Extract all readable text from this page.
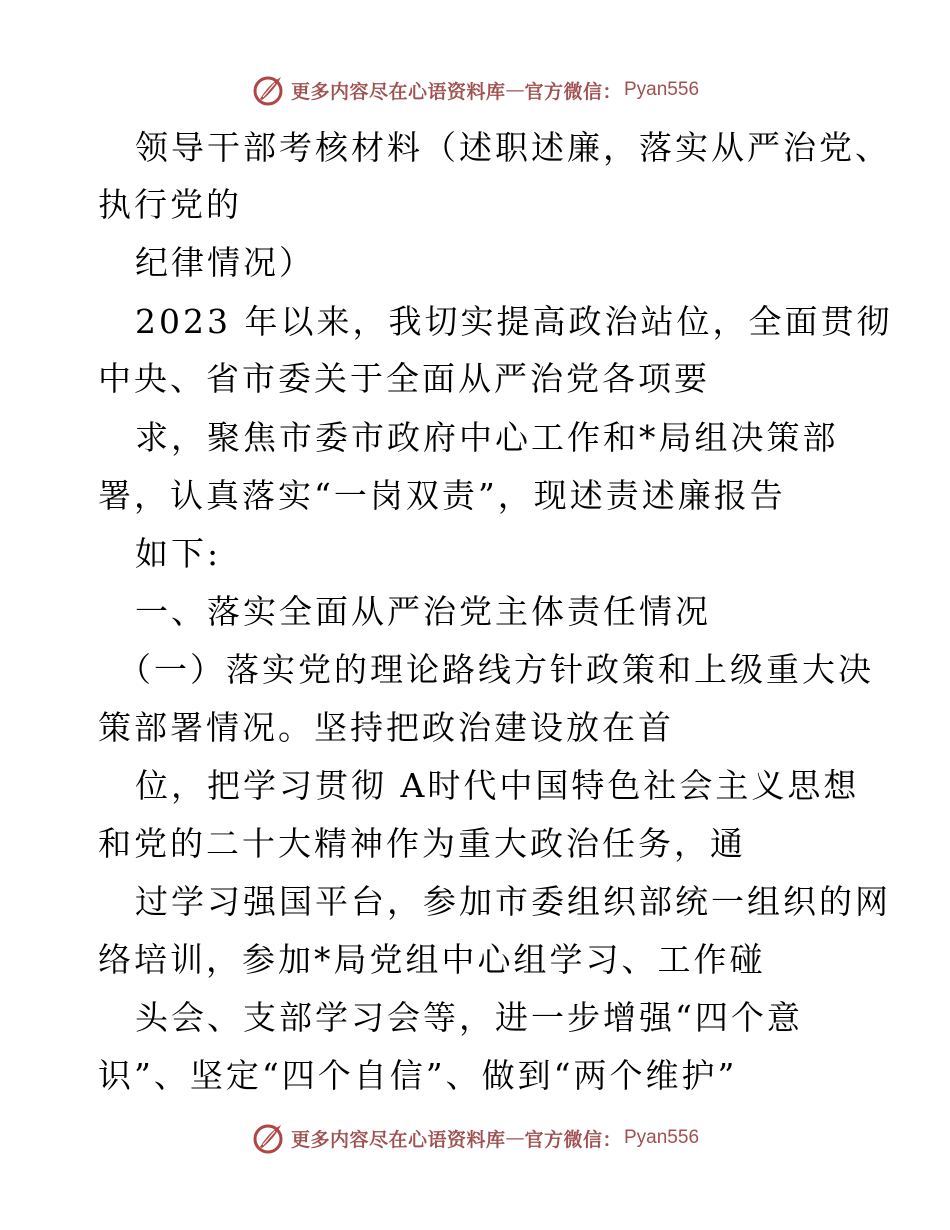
更多内容尽在心语资料库 — 官方微信： Pyan556
领导干部考核材料（述职述廉，落实从严治党、
执行党的
纪律情况）
2023 年以来，我切实提高政治站位，全面贯彻
中央、省市委关于全面从严治党各项要
求，聚焦市委市政府中心工作和*局组决策部
署，认真落实“一岗双责”，现述责述廉报告
如下:
一、落实全面从严治党主体责任情况
（一）落实党的理论路线方针政策和上级重大决
策部署情况。坚持把政治建设放在首
位，把学习贯彻 A时代中国特色社会主义思想
和党的二十大精神作为重大政治任务，通
过学习强国平台，参加市委组织部统一组织的网
络培训，参加*局党组中心组学习、工作碰
头会、支部学习会等，进一步增强“四个意
识”、坚定“四个自信”、做到“两个维护”
更多内容尽在心语资料库 — 官方微信： Pyan556
